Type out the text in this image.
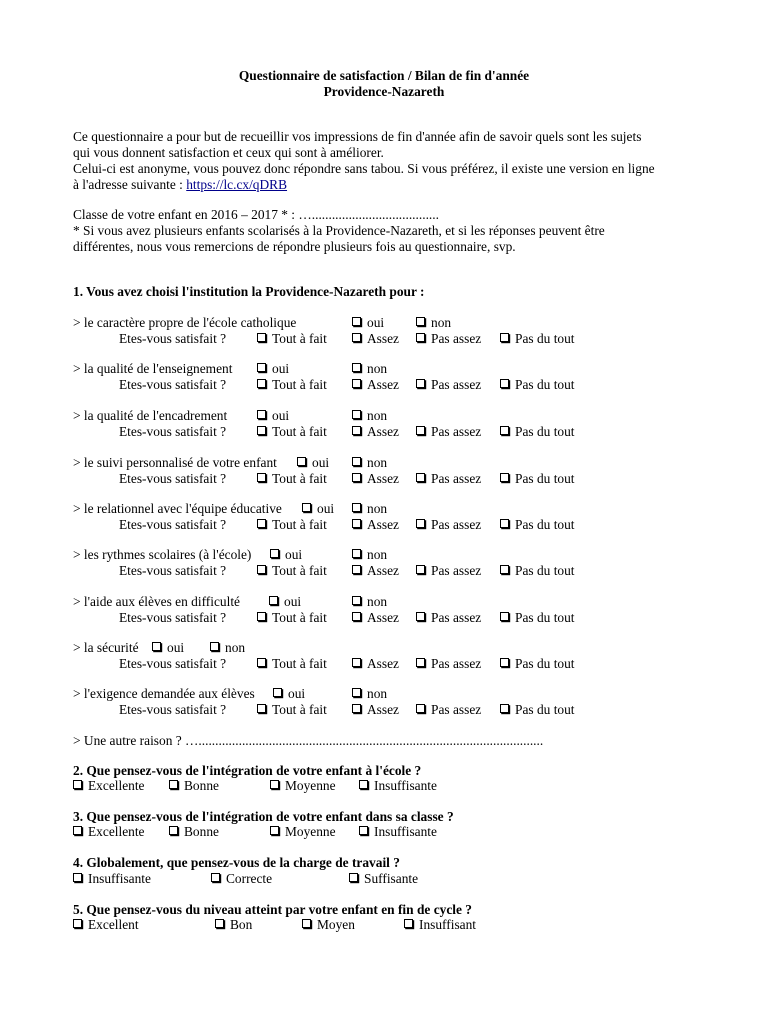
Questionnaire de satisfaction / Bilan de fin d'année
Providence-Nazareth
Ce questionnaire a pour but de recueillir vos impressions de fin d'année afin de savoir quels sont les sujets
qui vous donnent satisfaction et ceux qui sont à améliorer.
Celui-ci est anonyme, vous pouvez donc répondre sans tabou. Si vous préférez, il existe une version en ligne
à l'adresse suivante : https://lc.cx/qDRB
Classe de votre enfant en 2016 – 2017 * : …......................................
* Si vous avez plusieurs enfants scolarisés à la Providence-Nazareth, et si les réponses peuvent être
différentes, nous vous remercions de répondre plusieurs fois au questionnaire, svp.
1. Vous avez choisi l'institution la Providence-Nazareth pour :
> le caractère propre de l'école catholique	oui	non
Etes-vous satisfait ?	Tout à fait	Assez	Pas assez	Pas du tout
> la qualité de l'enseignement	oui	non
Etes-vous satisfait ?	Tout à fait	Assez	Pas assez	Pas du tout
> la qualité de l'encadrement	oui	non
Etes-vous satisfait ?	Tout à fait	Assez	Pas assez	Pas du tout
> le suivi personnalisé de votre enfant	oui	non
Etes-vous satisfait ?	Tout à fait	Assez	Pas assez	Pas du tout
> le relationnel avec l'équipe éducative	oui	non
Etes-vous satisfait ?	Tout à fait	Assez	Pas assez	Pas du tout
> les rythmes scolaires (à l'école)	oui	non
Etes-vous satisfait ?	Tout à fait	Assez	Pas assez	Pas du tout
> l'aide aux élèves en difficulté	oui	non
Etes-vous satisfait ?	Tout à fait	Assez	Pas assez	Pas du tout
> la sécurité	oui	non
Etes-vous satisfait ?	Tout à fait	Assez	Pas assez	Pas du tout
> l'exigence demandée aux élèves	oui	non
Etes-vous satisfait ?	Tout à fait	Assez	Pas assez	Pas du tout
> Une autre raison ? ….......................................................................................................
2. Que pensez-vous de l'intégration de votre enfant à l'école ?
Excellente	Bonne	Moyenne	Insuffisante
3. Que pensez-vous de l'intégration de votre enfant dans sa classe ?
Excellente	Bonne	Moyenne	Insuffisante
4. Globalement, que pensez-vous de la charge de travail ?
Insuffisante	Correcte	Suffisante
5. Que pensez-vous du niveau atteint par votre enfant en fin de cycle ?
Excellent	Bon	Moyen	Insuffisant
